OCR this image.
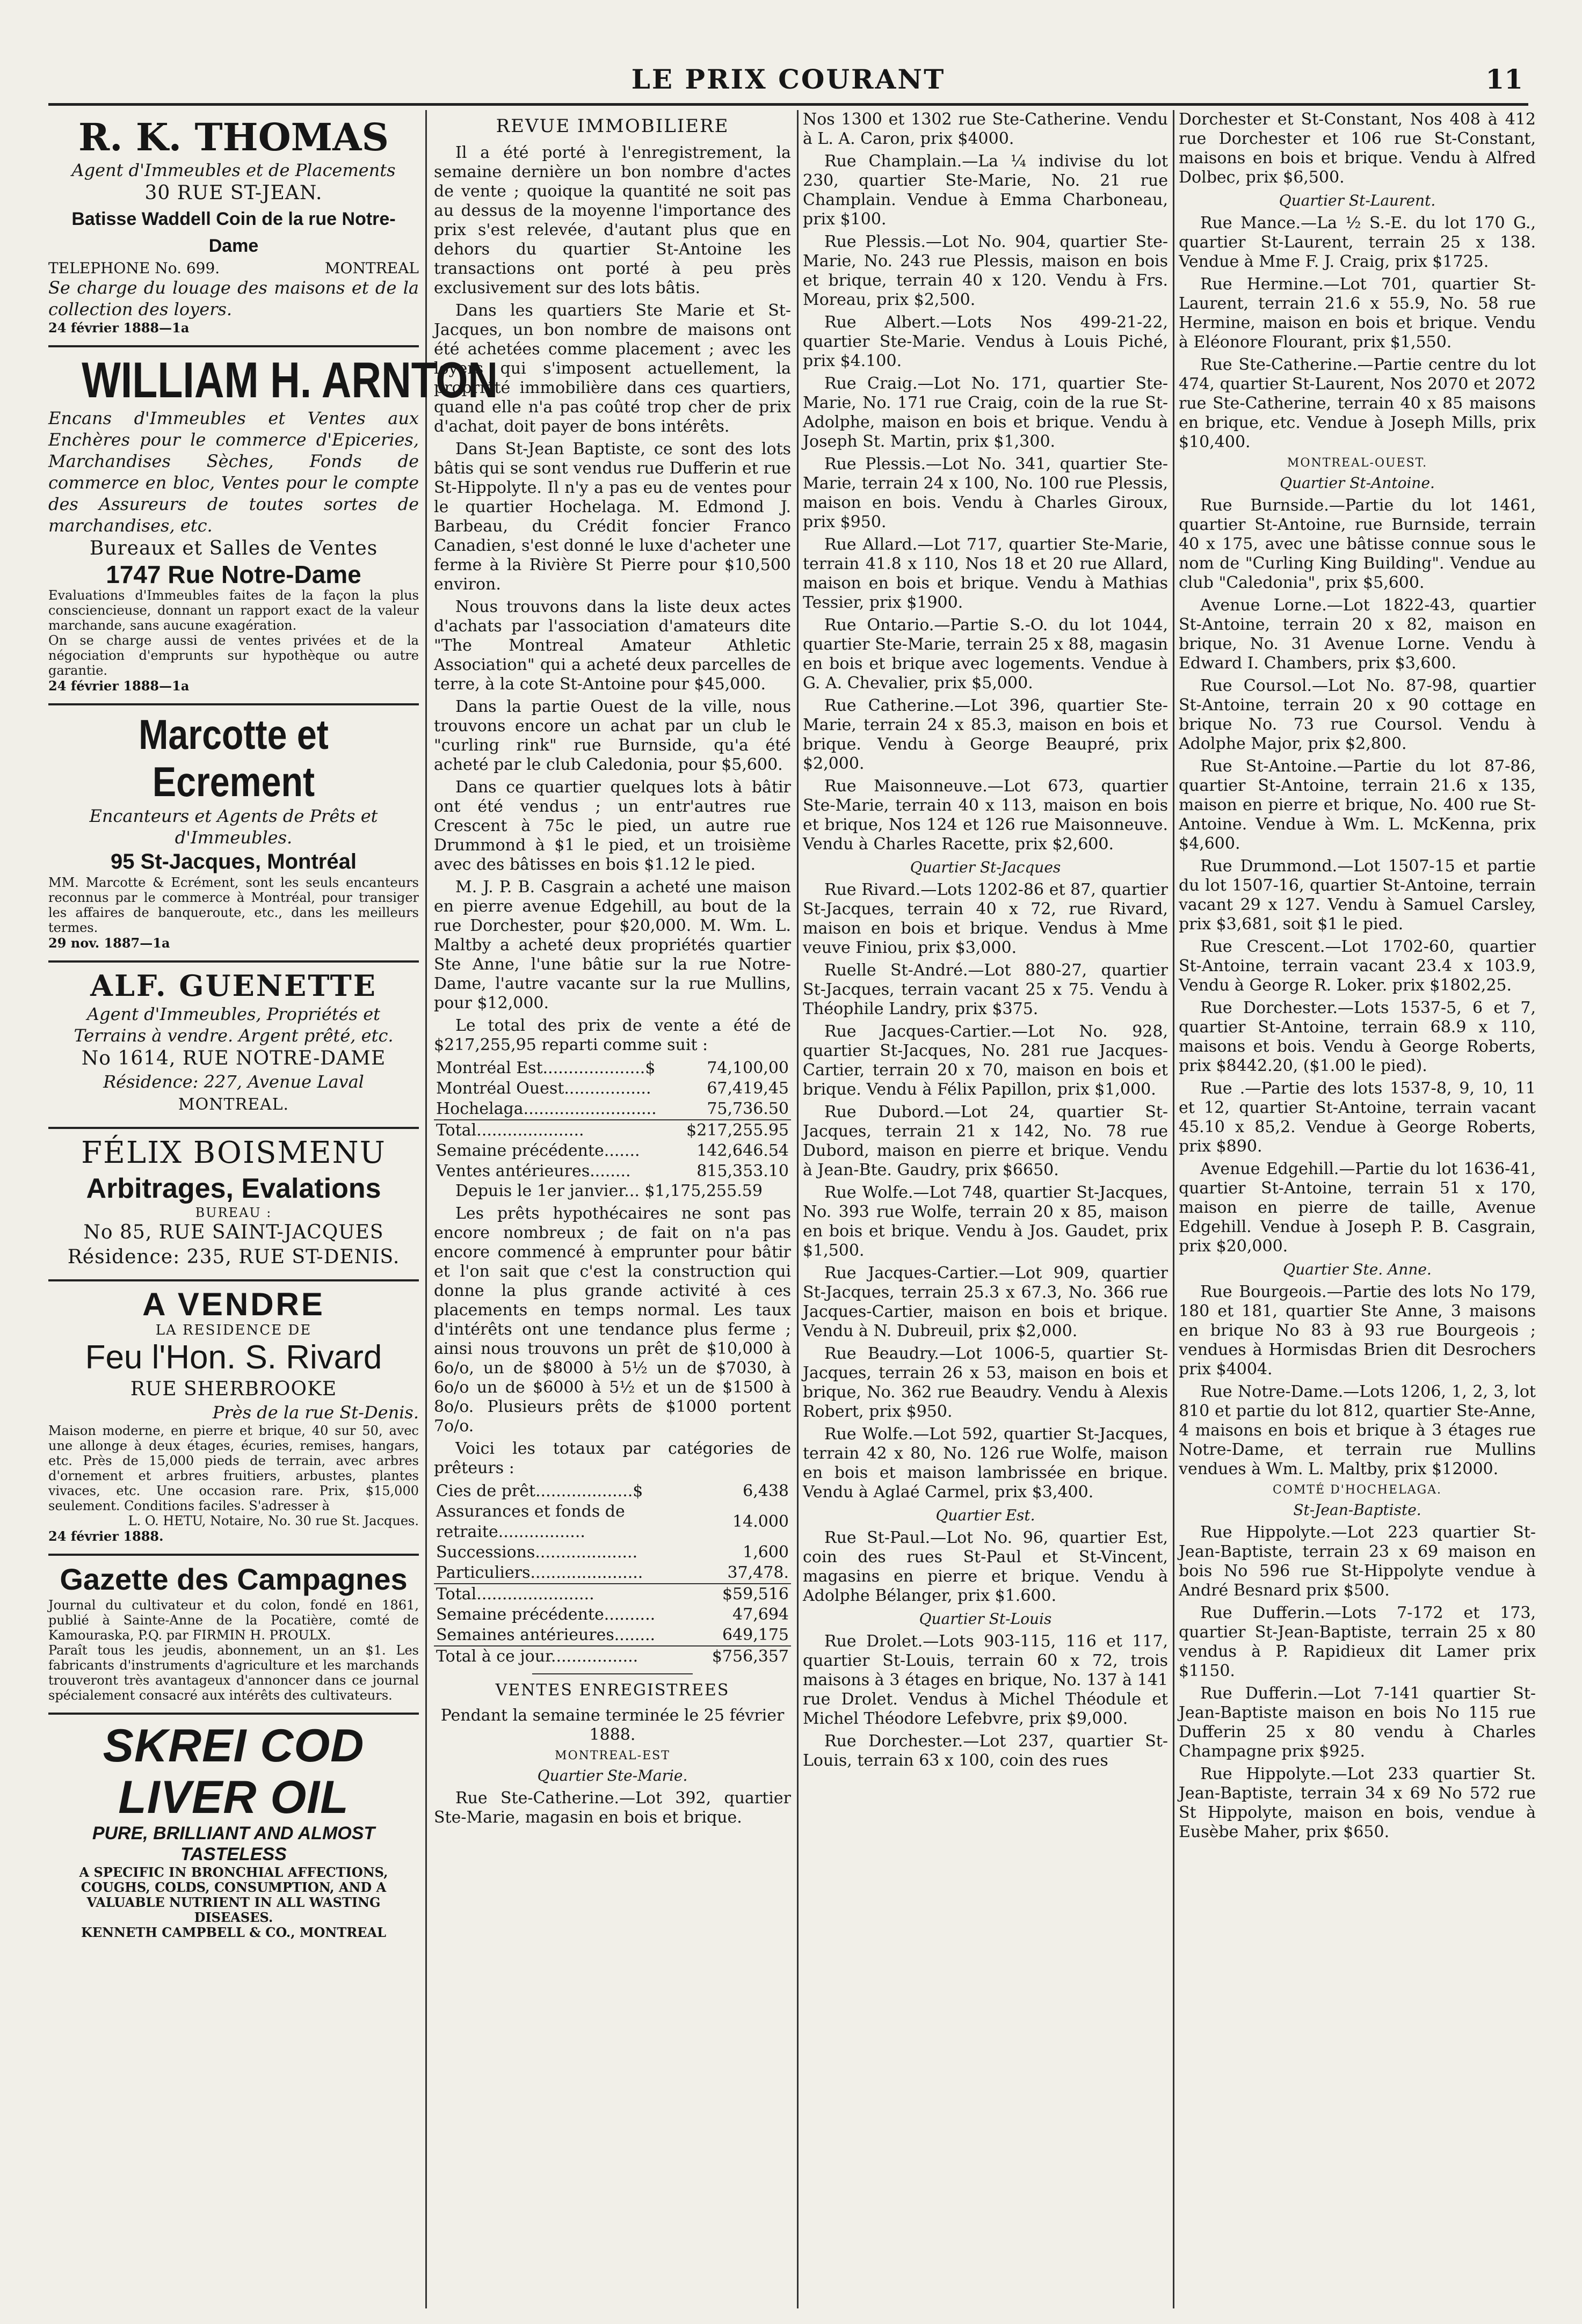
LE PRIX COURANT	11
R. K. THOMAS
Agent d'Immeubles et de Placements
30 RUE ST-JEAN.
Batisse Waddell Coin de la rue Notre-Dame
TELEPHONE No. 699.	MONTREAL
Se charge du louage des maisons et de la collection des loyers.
24 février 1888—1a
WILLIAM H. ARNTON
Encans d'Immeubles et Ventes aux Enchères pour le commerce d'Epiceries, Marchandises Sèches, Fonds de commerce en bloc, Ventes pour le compte des Assureurs de toutes sortes de marchandises, etc.
Bureaux et Salles de Ventes
1747 Rue Notre-Dame
Evaluations d'Immeubles faites de la façon la plus consciencieuse, donnant un rapport exact de la valeur marchande, sans aucune exagération.
On se charge aussi de ventes privées et de la négociation d'emprunts sur hypothèque ou autre garantie.
24 février 1888—1a
Marcotte et Ecrement
Encanteurs et Agents de Prêts et d'Immeubles.
95 St-Jacques, Montréal
MM. Marcotte & Ecrément, sont les seuls encanteurs reconnus par le commerce à Montréal, pour transiger les affaires de banqueroute, etc., dans les meilleurs termes.
29 nov. 1887—1a
ALF. GUENETTE
Agent d'Immeubles, Propriétés et Terrains à vendre. Argent prêté, etc.
No 1614, RUE NOTRE-DAME
Résidence: 227, Avenue Laval
MONTREAL.
FÉLIX BOISMENU
Arbitrages, Evalations
BUREAU :
No 85, RUE SAINT-JACQUES
Résidence: 235, RUE ST-DENIS.
A VENDRE
LA RESIDENCE DE
Feu l'Hon. S. Rivard
RUE SHERBROOKE
Près de la rue St-Denis.
Maison moderne, en pierre et brique, 40 sur 50, avec une allonge à deux étages, écuries, remises, hangars, etc. Près de 15,000 pieds de terrain, avec arbres d'ornement et arbres fruitiers, arbustes, plantes vivaces, etc. Une occasion rare. Prix, $15,000 seulement. Conditions faciles. S'adresser à
L. O. HETU, Notaire, No. 30 rue St. Jacques.
24 février 1888.
Gazette des Campagnes
Journal du cultivateur et du colon, fondé en 1861, publié à Sainte-Anne de la Pocatière, comté de Kamouraska, P.Q. par FIRMIN H. PROULX.
Paraît tous les jeudis, abonnement, un an $1. Les fabricants d'instruments d'agriculture et les marchands trouveront très avantageux d'annoncer dans ce journal spécialement consacré aux intérêts des cultivateurs.
SKREI COD LIVER OIL
PURE, BRILLIANT AND ALMOST TASTELESS
A SPECIFIC IN BRONCHIAL AFFECTIONS, COUGHS, COLDS, CONSUMPTION, AND A VALUABLE NUTRIENT IN ALL WASTING DISEASES.
KENNETH CAMPBELL & CO., MONTREAL
REVUE IMMOBILIERE

Il a été porté à l'enregistrement, la semaine dernière un bon nombre d'actes de vente ; quoique la quantité ne soit pas au dessus de la moyenne l'importance des prix s'est relevée, d'autant plus que en dehors du quartier St-Antoine les transactions ont porté à peu près exclusivement sur des lots bâtis.

Dans les quartiers Ste Marie et St-Jacques, un bon nombre de maisons ont été achetées comme placement ; avec les loyers qui s'imposent actuellement, la propriété immobilière dans ces quartiers, quand elle n'a pas coûté trop cher de prix d'achat, doit payer de bons intérêts.

Dans St-Jean Baptiste, ce sont des lots bâtis qui se sont vendus rue Dufferin et rue St-Hippolyte. Il n'y a pas eu de ventes pour le quartier Hochelaga. M. Edmond J. Barbeau, du Crédit foncier Franco Canadien, s'est donné le luxe d'acheter une ferme à la Rivière St Pierre pour $10,500 environ.

Nous trouvons dans la liste deux actes d'achats par l'association d'amateurs dite "The Montreal Amateur Athletic Association" qui a acheté deux parcelles de terre, à la cote St-Antoine pour $45,000.

Dans la partie Ouest de la ville, nous trouvons encore un achat par un club le "curling rink" rue Burnside, qu'a été acheté par le club Caledonia, pour $5,600.

Dans ce quartier quelques lots à bâtir ont été vendus ; un entr'autres rue Crescent à 75c le pied, un autre rue Drummond à $1 le pied, et un troisième avec des bâtisses en bois $1.12 le pied.

M. J. P. B. Casgrain a acheté une maison en pierre avenue Edgehill, au bout de la rue Dorchester, pour $20,000. M. Wm. L. Maltby a acheté deux propriétés quartier Ste Anne, l'une bâtie sur la rue Notre-Dame, l'autre vacante sur la rue Mullins, pour $12,000.

Le total des prix de vente a été de $217,255,95 reparti comme suit :

Montréal Est....................$	74,100,00
Montréal Ouest.................	67,419,45
Hochelaga..........................	75,736.50
Total.....................	$217,255.95
Semaine précédente.......	142,646.54
Ventes antérieures........	815,353.10

Depuis le 1er janvier... $1,175,255.59

Les prêts hypothécaires ne sont pas encore nombreux ; de fait on n'a pas encore commencé à emprunter pour bâtir et l'on sait que c'est la construction qui donne la plus grande activité à ces placements en temps normal. Les taux d'intérêts ont une tendance plus ferme ; ainsi nous trouvons un prêt de $10,000 à 6o/o, un de $8000 à 5½ un de $7030, à 6o/o un de $6000 à 5½ et un de $1500 à 8o/o. Plusieurs prêts de $1000 portent 7o/o.

Voici les totaux par catégories de prêteurs :

Cies de prêt...................$	6,438
Assurances et fonds de retraite.................	14.000
Successions....................	1,600
Particuliers......................	37,478.
Total.......................	$59,516
Semaine précédente..........	47,694
Semaines antérieures........	649,175
Total à ce jour.................	$756,357
VENTES ENREGISTREES

Pendant la semaine terminée le 25 février 1888.

MONTREAL-EST
Quartier Ste-Marie.

Rue Ste-Catherine.—Lot 392, quartier Ste-Marie, magasin en bois et brique.

Nos 1300 et 1302 rue Ste-Catherine. Vendu à L. A. Caron, prix $4000.

Rue Champlain.—La ¼ indivise du lot 230, quartier Ste-Marie, No. 21 rue Champlain. Vendue à Emma Charboneau, prix $100.

Rue Plessis.—Lot No. 904, quartier Ste-Marie, No. 243 rue Plessis, maison en bois et brique, terrain 40 x 120. Vendu à Frs. Moreau, prix $2,500.

Rue Albert.—Lots Nos 499-21-22, quartier Ste-Marie. Vendus à Louis Piché, prix $4.100.

Rue Craig.—Lot No. 171, quartier Ste-Marie, No. 171 rue Craig, coin de la rue St-Adolphe, maison en bois et brique. Vendu à Joseph St. Martin, prix $1,300.

Rue Plessis.—Lot No. 341, quartier Ste-Marie, terrain 24 x 100, No. 100 rue Plessis, maison en bois. Vendu à Charles Giroux, prix $950.

Rue Allard.—Lot 717, quartier Ste-Marie, terrain 41.8 x 110, Nos 18 et 20 rue Allard, maison en bois et brique. Vendu à Mathias Tessier, prix $1900.

Rue Ontario.—Partie S.-O. du lot 1044, quartier Ste-Marie, terrain 25 x 88, magasin en bois et brique avec logements. Vendue à G. A. Chevalier, prix $5,000.

Rue Catherine.—Lot 396, quartier Ste-Marie, terrain 24 x 85.3, maison en bois et brique. Vendu à George Beaupré, prix $2,000.

Rue Maisonneuve.—Lot 673, quartier Ste-Marie, terrain 40 x 113, maison en bois et brique, Nos 124 et 126 rue Maisonneuve. Vendu à Charles Racette, prix $2,600.

Quartier St-Jacques

Rue Rivard.—Lots 1202-86 et 87, quartier St-Jacques, terrain 40 x 72, rue Rivard, maison en bois et brique. Vendus à Mme veuve Finiou, prix $3,000.

Ruelle St-André.—Lot 880-27, quartier St-Jacques, terrain vacant 25 x 75. Vendu à Théophile Landry, prix $375.

Rue Jacques-Cartier.—Lot No. 928, quartier St-Jacques, No. 281 rue Jacques-Cartier, terrain 20 x 70, maison en bois et brique. Vendu à Félix Papillon, prix $1,000.

Rue Dubord.—Lot 24, quartier St-Jacques, terrain 21 x 142, No. 78 rue Dubord, maison en pierre et brique. Vendu à Jean-Bte. Gaudry, prix $6650.

Rue Wolfe.—Lot 748, quartier St-Jacques, No. 393 rue Wolfe, terrain 20 x 85, maison en bois et brique. Vendu à Jos. Gaudet, prix $1,500.

Rue Jacques-Cartier.—Lot 909, quartier St-Jacques, terrain 25.3 x 67.3, No. 366 rue Jacques-Cartier, maison en bois et brique. Vendu à N. Dubreuil, prix $2,000.

Rue Beaudry.—Lot 1006-5, quartier St-Jacques, terrain 26 x 53, maison en bois et brique, No. 362 rue Beaudry. Vendu à Alexis Robert, prix $950.

Rue Wolfe.—Lot 592, quartier St-Jacques, terrain 42 x 80, No. 126 rue Wolfe, maison en bois et maison lambrissée en brique. Vendu à Aglaé Carmel, prix $3,400.

Quartier Est.

Rue St-Paul.—Lot No. 96, quartier Est, coin des rues St-Paul et St-Vincent, magasins en pierre et brique. Vendu à Adolphe Bélanger, prix $1.600.

Quartier St-Louis

Rue Drolet.—Lots 903-115, 116 et 117, quartier St-Louis, terrain 60 x 72, trois maisons à 3 étages en brique, No. 137 à 141 rue Drolet. Vendus à Michel Théodule et Michel Théodore Lefebvre, prix $9,000.

Rue Dorchester.—Lot 237, quartier St-Louis, terrain 63 x 100, coin des rues

Dorchester et St-Constant, Nos 408 à 412 rue Dorchester et 106 rue St-Constant, maisons en bois et brique. Vendu à Alfred Dolbec, prix $6,500.

Quartier St-Laurent.

Rue Mance.—La ½ S.-E. du lot 170 G., quartier St-Laurent, terrain 25 x 138. Vendue à Mme F. J. Craig, prix $1725.

Rue Hermine.—Lot 701, quartier St-Laurent, terrain 21.6 x 55.9, No. 58 rue Hermine, maison en bois et brique. Vendu à Eléonore Flourant, prix $1,550.

Rue Ste-Catherine.—Partie centre du lot 474, quartier St-Laurent, Nos 2070 et 2072 rue Ste-Catherine, terrain 40 x 85 maisons en brique, etc. Vendue à Joseph Mills, prix $10,400.

MONTREAL-OUEST.
Quartier St-Antoine.

Rue Burnside.—Partie du lot 1461, quartier St-Antoine, rue Burnside, terrain 40 x 175, avec une bâtisse connue sous le nom de "Curling King Building". Vendue au club "Caledonia", prix $5,600.

Avenue Lorne.—Lot 1822-43, quartier St-Antoine, terrain 20 x 82, maison en brique, No. 31 Avenue Lorne. Vendu à Edward I. Chambers, prix $3,600.

Rue Coursol.—Lot No. 87-98, quartier St-Antoine, terrain 20 x 90 cottage en brique No. 73 rue Coursol. Vendu à Adolphe Major, prix $2,800.

Rue St-Antoine.—Partie du lot 87-86, quartier St-Antoine, terrain 21.6 x 135, maison en pierre et brique, No. 400 rue St-Antoine. Vendue à Wm. L. McKenna, prix $4,600.

Rue Drummond.—Lot 1507-15 et partie du lot 1507-16, quartier St-Antoine, terrain vacant 29 x 127. Vendu à Samuel Carsley, prix $3,681, soit $1 le pied.

Rue Crescent.—Lot 1702-60, quartier St-Antoine, terrain vacant 23.4 x 103.9, Vendu à George R. Loker. prix $1802,25.

Rue Dorchester.—Lots 1537-5, 6 et 7, quartier St-Antoine, terrain 68.9 x 110, maisons et bois. Vendu à George Roberts, prix $8442.20, ($1.00 le pied).

Rue .—Partie des lots 1537-8, 9, 10, 11 et 12, quartier St-Antoine, terrain vacant 45.10 x 85,2. Vendue à George Roberts, prix $890.

Avenue Edgehill.—Partie du lot 1636-41, quartier St-Antoine, terrain 51 x 170, maison en pierre de taille, Avenue Edgehill. Vendue à Joseph P. B. Casgrain, prix $20,000.

Quartier Ste. Anne.

Rue Bourgeois.—Partie des lots No 179, 180 et 181, quartier Ste Anne, 3 maisons en brique No 83 à 93 rue Bourgeois ; vendues à Hormisdas Brien dit Desrochers prix $4004.

Rue Notre-Dame.—Lots 1206, 1, 2, 3, lot 810 et partie du lot 812, quartier Ste-Anne, 4 maisons en bois et brique à 3 étages rue Notre-Dame, et terrain rue Mullins vendues à Wm. L. Maltby, prix $12000.

COMTÉ D'HOCHELAGA.
St-Jean-Baptiste.

Rue Hippolyte.—Lot 223 quartier St-Jean-Baptiste, terrain 23 x 69 maison en bois No 596 rue St-Hippolyte vendue à André Besnard prix $500.

Rue Dufferin.—Lots 7-172 et 173, quartier St-Jean-Baptiste, terrain 25 x 80 vendus à P. Rapidieux dit Lamer prix $1150.

Rue Dufferin.—Lot 7-141 quartier St-Jean-Baptiste maison en bois No 115 rue Dufferin 25 x 80 vendu à Charles Champagne prix $925.

Rue Hippolyte.—Lot 233 quartier St. Jean-Baptiste, terrain 34 x 69 No 572 rue St Hippolyte, maison en bois, vendue à Eusèbe Maher, prix $650.
